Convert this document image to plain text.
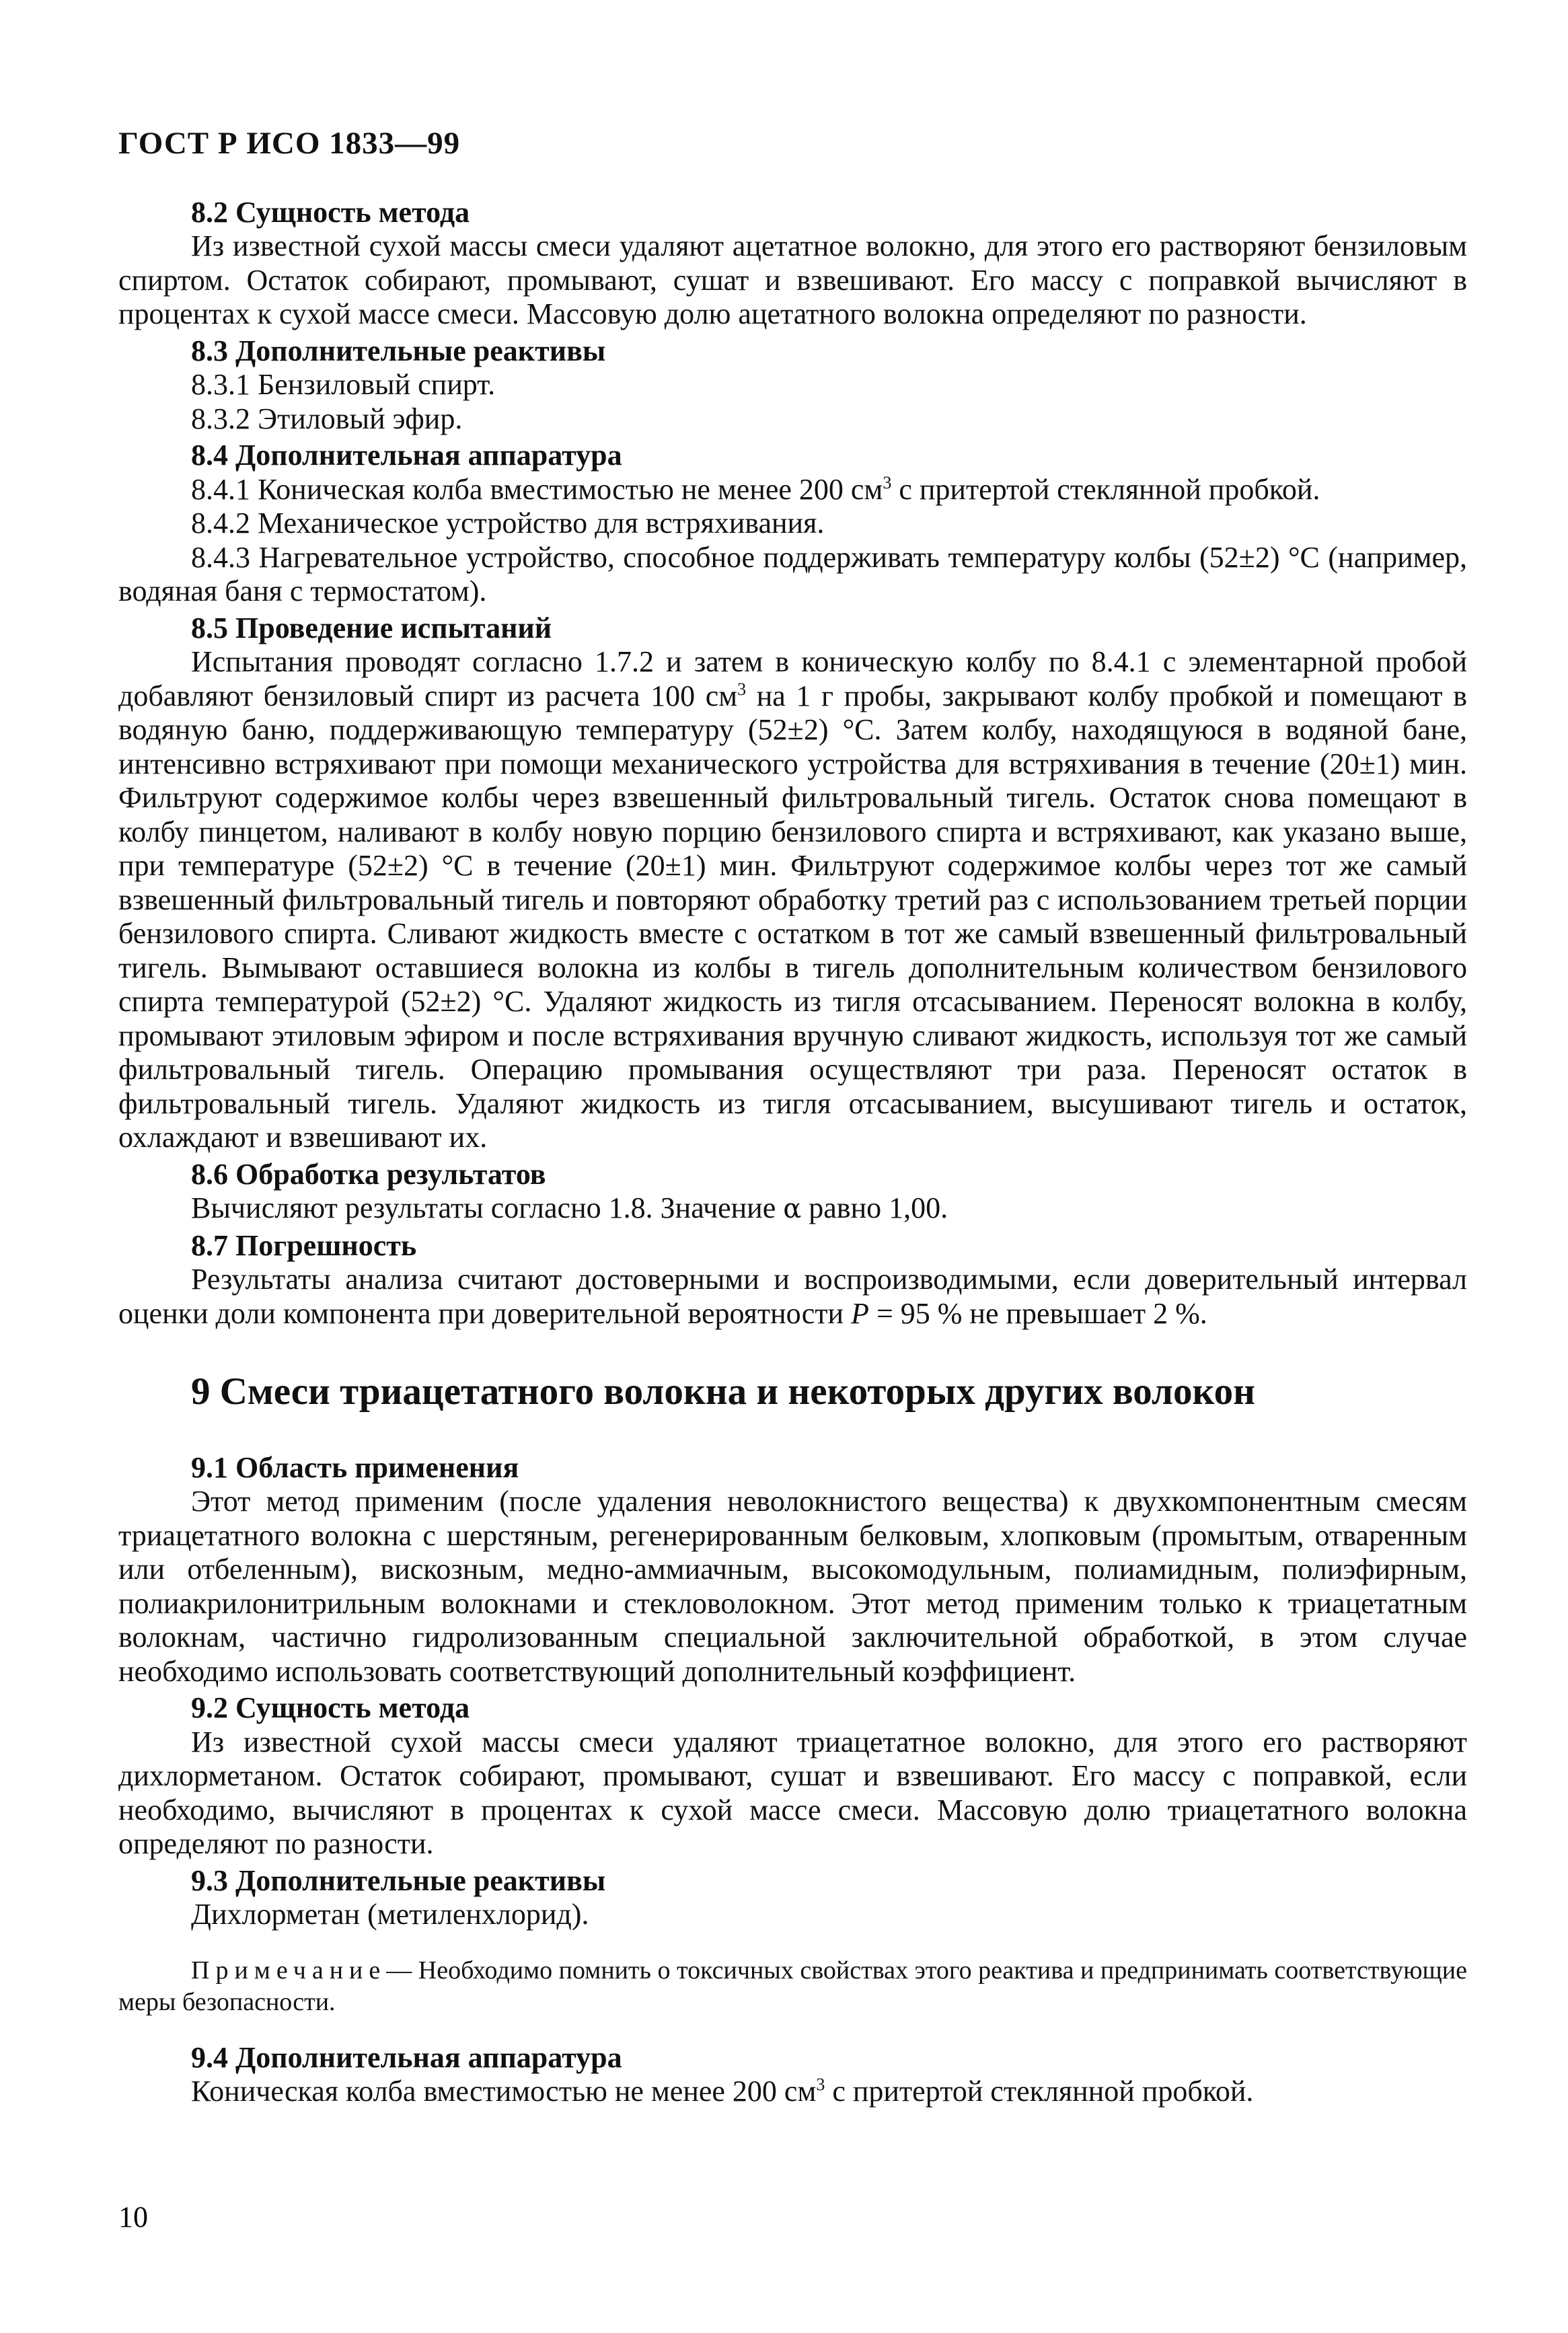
ГОСТ Р ИСО 1833—99
8.2 Сущность метода

Из известной сухой массы смеси удаляют ацетатное волокно, для этого его растворяют бензиловым спиртом. Остаток собирают, промывают, сушат и взвешивают. Его массу с поправкой вычисляют в процентах к сухой массе смеси. Массовую долю ацетатного волокна определяют по разности.

8.3 Дополнительные реактивы

8.3.1 Бензиловый спирт.

8.3.2 Этиловый эфир.

8.4 Дополнительная аппаратура

8.4.1 Коническая колба вместимостью не менее 200 $см^3$ с притертой стеклянной пробкой.

8.4.2 Механическое устройство для встряхивания.

8.4.3 Нагревательное устройство, способное поддерживать температуру колбы (52±2) °С (например, водяная баня с термостатом).

8.5 Проведение испытаний

Испытания проводят согласно 1.7.2 и затем в коническую колбу по 8.4.1 с элементарной пробой добавляют бензиловый спирт из расчета 100 $см^3$ на 1 г пробы, закрывают колбу пробкой и помещают в водяную баню, поддерживающую температуру (52±2) °С. Затем колбу, находящуюся в водяной бане, интенсивно встряхивают при помощи механического устройства для встряхивания в течение (20±1) мин. Фильтруют содержимое колбы через взвешенный фильтровальный тигель. Остаток снова помещают в колбу пинцетом, наливают в колбу новую порцию бензилового спирта и встряхивают, как указано выше, при температуре (52±2) °С в течение (20±1) мин. Фильтруют содержимое колбы через тот же самый взвешенный фильтровальный тигель и повторяют обработку третий раз с использованием третьей порции бензилового спирта. Сливают жидкость вместе с остатком в тот же самый взвешенный фильтровальный тигель. Вымывают оставшиеся волокна из колбы в тигель дополнительным количеством бензилового спирта температурой (52±2) °С. Удаляют жидкость из тигля отсасыванием. Переносят волокна в колбу, промывают этиловым эфиром и после встряхивания вручную сливают жидкость, используя тот же самый фильтровальный тигель. Операцию промывания осуществляют три раза. Переносят остаток в фильтровальный тигель. Удаляют жидкость из тигля отсасыванием, высушивают тигель и остаток, охлаждают и взвешивают их.

8.6 Обработка результатов

Вычисляют результаты согласно 1.8. Значение α равно 1,00.

8.7 Погрешность

Результаты анализа считают достоверными и воспроизводимыми, если доверительный интервал оценки доли компонента при доверительной вероятности P = 95 % не превышает 2 %.

9 Смеси триацетатного волокна и некоторых других волокон
9.1 Область применения

Этот метод применим (после удаления неволокнистого вещества) к двухкомпонентным смесям триацетатного волокна с шерстяным, регенерированным белковым, хлопковым (промытым, отваренным или отбеленным), вискозным, медно-аммиачным, высокомодульным, полиамидным, полиэфирным, полиакрилонитрильным волокнами и стекловолокном. Этот метод применим только к триацетатным волокнам, частично гидролизованным специальной заключительной обработкой, в этом случае необходимо использовать соответствующий дополнительный коэффициент.

9.2 Сущность метода

Из известной сухой массы смеси удаляют триацетатное волокно, для этого его растворяют дихлорметаном. Остаток собирают, промывают, сушат и взвешивают. Его массу с поправкой, если необходимо, вычисляют в процентах к сухой массе смеси. Массовую долю триацетатного волокна определяют по разности.

9.3 Дополнительные реактивы

Дихлорметан (метиленхлорид).

Примечание— Необходимо помнить о токсичных свойствах этого реактива и предпринимать соответствующие меры безопасности.

9.4 Дополнительная аппаратура

Коническая колба вместимостью не менее 200 $см^3$ с притертой стеклянной пробкой.

10
